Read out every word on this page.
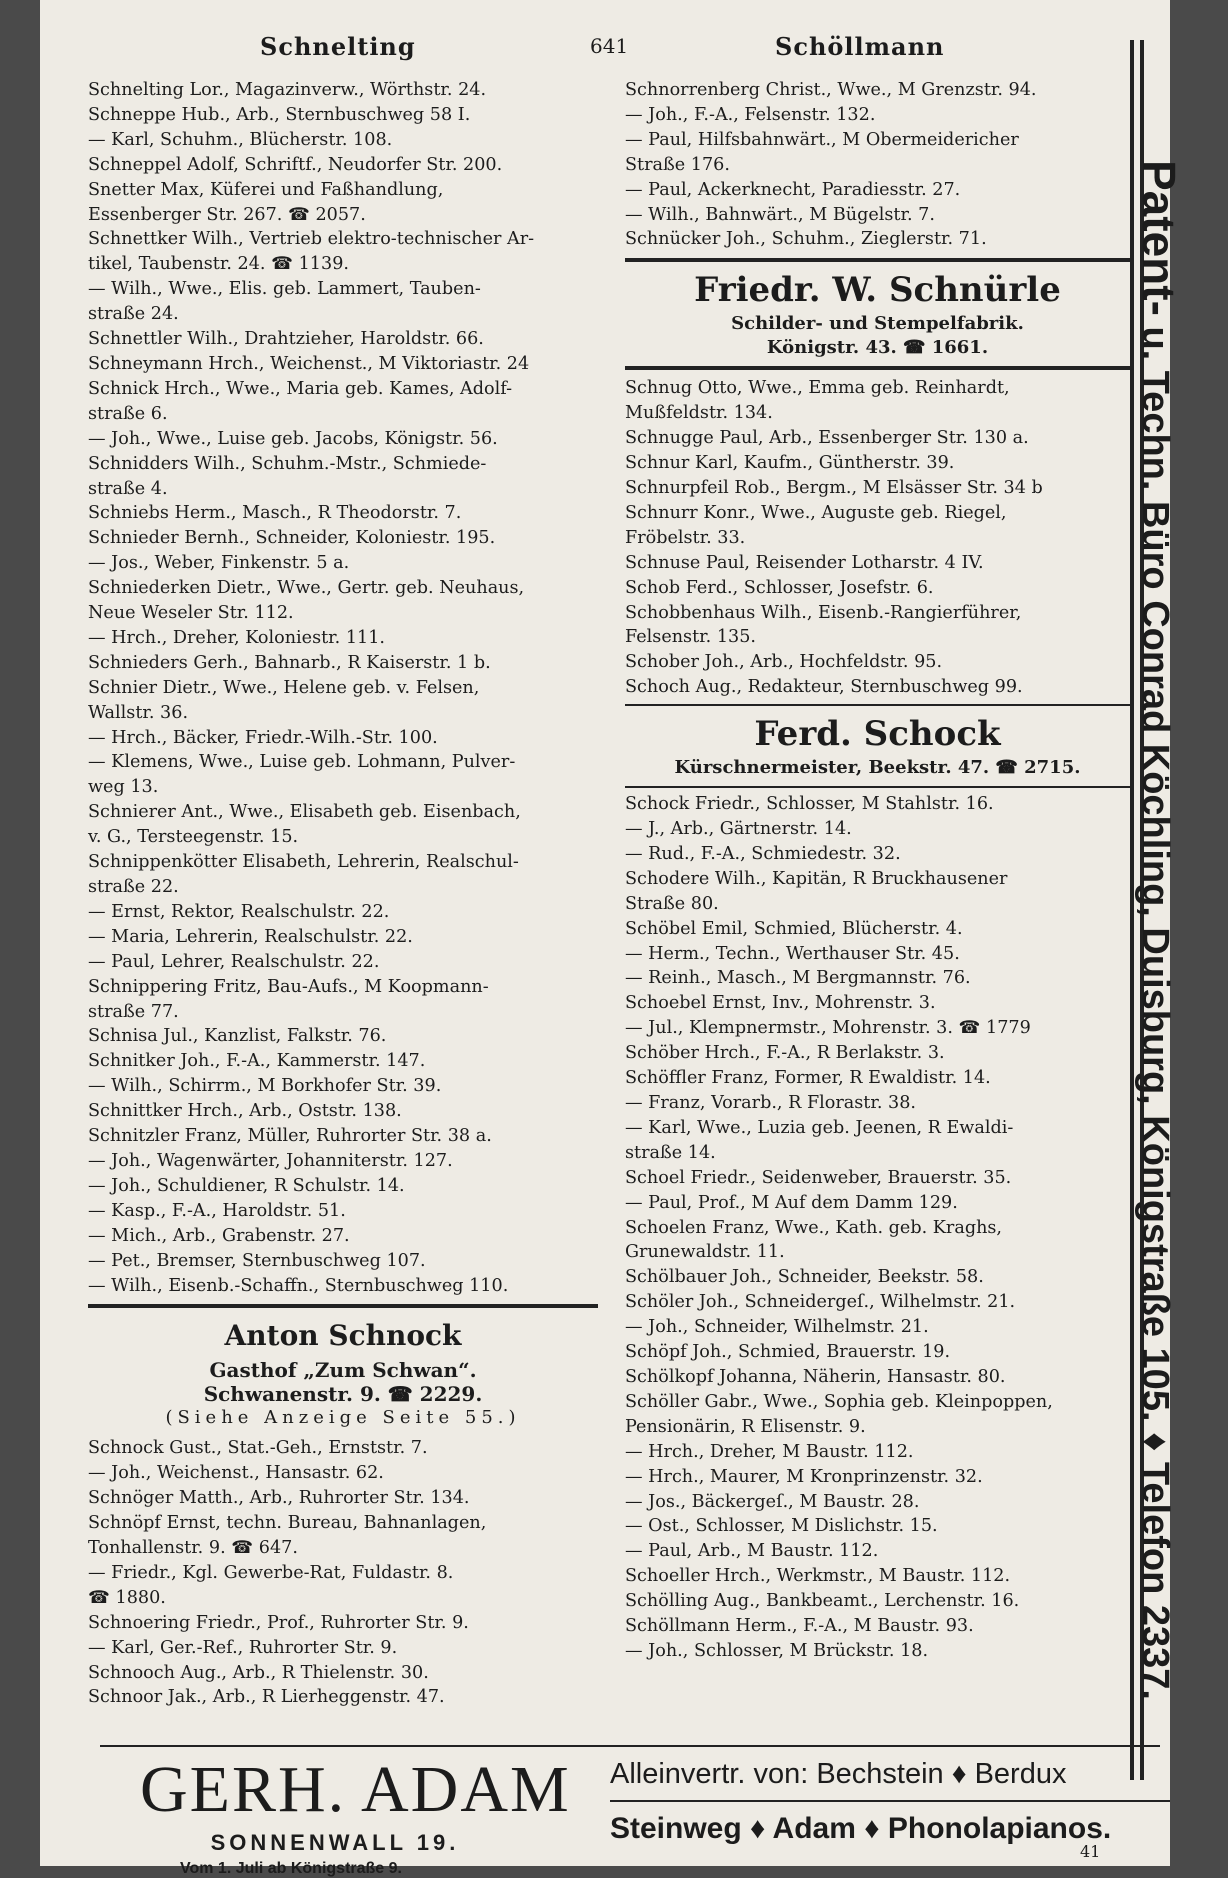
Schnelting	641	Schöllmann
Schnelting Lor., Magazinverw., Wörthstr. 24.
Schneppe Hub., Arb., Sternbuschweg 58 I.
— Karl, Schuhm., Blücherstr. 108.
Schneppel Adolf, Schriftf., Neudorfer Str. 200.
Snetter Max, Küferei und Faßhandlung,
Essenberger Str. 267. ☎ 2057.
Schnettker Wilh., Vertrieb elektro-technischer Ar-
tikel, Taubenstr. 24. ☎ 1139.
— Wilh., Wwe., Elis. geb. Lammert, Tauben-
straße 24.
Schnettler Wilh., Drahtzieher, Haroldstr. 66.
Schneymann Hrch., Weichenst., M Viktoriastr. 24
Schnick Hrch., Wwe., Maria geb. Kames, Adolf-
straße 6.
— Joh., Wwe., Luise geb. Jacobs, Königstr. 56.
Schnidders Wilh., Schuhm.-Mstr., Schmiede-
straße 4.
Schniebs Herm., Masch., R Theodorstr. 7.
Schnieder Bernh., Schneider, Koloniestr. 195.
— Jos., Weber, Finkenstr. 5 a.
Schniederken Dietr., Wwe., Gertr. geb. Neuhaus,
Neue Weseler Str. 112.
— Hrch., Dreher, Koloniestr. 111.
Schnieders Gerh., Bahnarb., R Kaiserstr. 1 b.
Schnier Dietr., Wwe., Helene geb. v. Felsen,
Wallstr. 36.
— Hrch., Bäcker, Friedr.-Wilh.-Str. 100.
— Klemens, Wwe., Luise geb. Lohmann, Pulver-
weg 13.
Schnierer Ant., Wwe., Elisabeth geb. Eisenbach,
v. G., Tersteegenstr. 15.
Schnippenkötter Elisabeth, Lehrerin, Realschul-
straße 22.
— Ernst, Rektor, Realschulstr. 22.
— Maria, Lehrerin, Realschulstr. 22.
— Paul, Lehrer, Realschulstr. 22.
Schnippering Fritz, Bau-Aufs., M Koopmann-
straße 77.
Schnisa Jul., Kanzlist, Falkstr. 76.
Schnitker Joh., F.-A., Kammerstr. 147.
— Wilh., Schirrm., M Borkhofer Str. 39.
Schnittker Hrch., Arb., Oststr. 138.
Schnitzler Franz, Müller, Ruhrorter Str. 38 a.
— Joh., Wagenwärter, Johanniterstr. 127.
— Joh., Schuldiener, R Schulstr. 14.
— Kasp., F.-A., Haroldstr. 51.
— Mich., Arb., Grabenstr. 27.
— Pet., Bremser, Sternbuschweg 107.
— Wilh., Eisenb.-Schaffn., Sternbuschweg 110.
Anton Schnock
Gasthof „Zum Schwan“.
Schwanenstr. 9. ☎ 2229.
(Siehe Anzeige Seite 55.)
Schnock Gust., Stat.-Geh., Ernststr. 7.
— Joh., Weichenst., Hansastr. 62.
Schnöger Matth., Arb., Ruhrorter Str. 134.
Schnöpf Ernst, techn. Bureau, Bahnanlagen,
Tonhallenstr. 9. ☎ 647.
— Friedr., Kgl. Gewerbe-Rat, Fuldastr. 8.
☎ 1880.
Schnoering Friedr., Prof., Ruhrorter Str. 9.
— Karl, Ger.-Ref., Ruhrorter Str. 9.
Schnooch Aug., Arb., R Thielenstr. 30.
Schnoor Jak., Arb., R Lierheggenstr. 47.
Schnorrenberg Christ., Wwe., M Grenzstr. 94.
— Joh., F.-A., Felsenstr. 132.
— Paul, Hilfsbahnwärt., M Obermeidericher
Straße 176.
— Paul, Ackerknecht, Paradiesstr. 27.
— Wilh., Bahnwärt., M Bügelstr. 7.
Schnücker Joh., Schuhm., Zieglerstr. 71.
Friedr. W. Schnürle
Schilder- und Stempelfabrik.
Königstr. 43. ☎ 1661.
Schnug Otto, Wwe., Emma geb. Reinhardt,
Mußfeldstr. 134.
Schnugge Paul, Arb., Essenberger Str. 130 a.
Schnur Karl, Kaufm., Güntherstr. 39.
Schnurpfeil Rob., Bergm., M Elsässer Str. 34 b
Schnurr Konr., Wwe., Auguste geb. Riegel,
Fröbelstr. 33.
Schnuse Paul, Reisender Lotharstr. 4 IV.
Schob Ferd., Schlosser, Josefstr. 6.
Schobbenhaus Wilh., Eisenb.-Rangierführer,
Felsenstr. 135.
Schober Joh., Arb., Hochfeldstr. 95.
Schoch Aug., Redakteur, Sternbuschweg 99.
Ferd. Schock
Kürschnermeister, Beekstr. 47. ☎ 2715.
Schock Friedr., Schlosser, M Stahlstr. 16.
— J., Arb., Gärtnerstr. 14.
— Rud., F.-A., Schmiedestr. 32.
Schodere Wilh., Kapitän, R Bruckhausener
Straße 80.
Schöbel Emil, Schmied, Blücherstr. 4.
— Herm., Techn., Werthauser Str. 45.
— Reinh., Masch., M Bergmannstr. 76.
Schoebel Ernst, Inv., Mohrenstr. 3.
— Jul., Klempnermstr., Mohrenstr. 3. ☎ 1779
Schöber Hrch., F.-A., R Berlakstr. 3.
Schöffler Franz, Former, R Ewaldistr. 14.
— Franz, Vorarb., R Florastr. 38.
— Karl, Wwe., Luzia geb. Jeenen, R Ewaldi-
straße 14.
Schoel Friedr., Seidenweber, Brauerstr. 35.
— Paul, Prof., M Auf dem Damm 129.
Schoelen Franz, Wwe., Kath. geb. Kraghs,
Grunewaldstr. 11.
Schölbauer Joh., Schneider, Beekstr. 58.
Schöler Joh., Schneidergeſ., Wilhelmstr. 21.
— Joh., Schneider, Wilhelmstr. 21.
Schöpf Joh., Schmied, Brauerstr. 19.
Schölkopf Johanna, Näherin, Hansastr. 80.
Schöller Gabr., Wwe., Sophia geb. Kleinpoppen,
Pensionärin, R Elisenstr. 9.
— Hrch., Dreher, M Baustr. 112.
— Hrch., Maurer, M Kronprinzenstr. 32.
— Jos., Bäckergeſ., M Baustr. 28.
— Ost., Schlosser, M Dislichstr. 15.
— Paul, Arb., M Baustr. 112.
Schoeller Hrch., Werkmstr., M Baustr. 112.
Schölling Aug., Bankbeamt., Lerchenstr. 16.
Schöllmann Herm., F.-A., M Baustr. 93.
— Joh., Schlosser, M Brückstr. 18.
Patent- u. Techn. Büro Conrad Köchling, Duisburg, Königstraße 105. ♦ Telefon 2337.
GERH. ADAM
SONNENWALL 19.
Vom 1. Juli ab Königstraße 9.
Alleinvertr. von: Bechstein ♦ Berdux
Steinweg ♦ Adam ♦ Phonolapianos.
41
